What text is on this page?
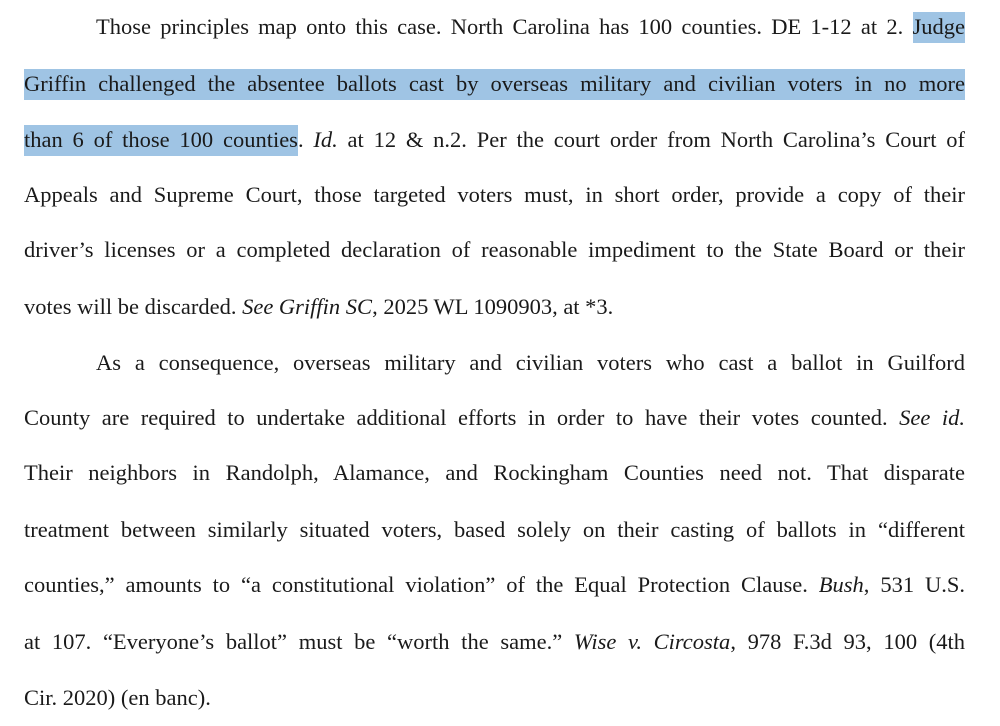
Those principles map onto this case. North Carolina has 100 counties. DE 1-12 at 2. Judge
Griffin challenged the absentee ballots cast by overseas military and civilian voters in no more
than 6 of those 100 counties. Id. at 12 & n.2. Per the court order from North Carolina’s Court of
Appeals and Supreme Court, those targeted voters must, in short order, provide a copy of their
driver’s licenses or a completed declaration of reasonable impediment to the State Board or their
votes will be discarded. See Griffin SC, 2025 WL 1090903, at *3.
As a consequence, overseas military and civilian voters who cast a ballot in Guilford
County are required to undertake additional efforts in order to have their votes counted. See id.
Their neighbors in Randolph, Alamance, and Rockingham Counties need not. That disparate
treatment between similarly situated voters, based solely on their casting of ballots in “different
counties,” amounts to “a constitutional violation” of the Equal Protection Clause. Bush, 531 U.S.
at 107. “Everyone’s ballot” must be “worth the same.” Wise v. Circosta, 978 F.3d 93, 100 (4th
Cir. 2020) (en banc).
